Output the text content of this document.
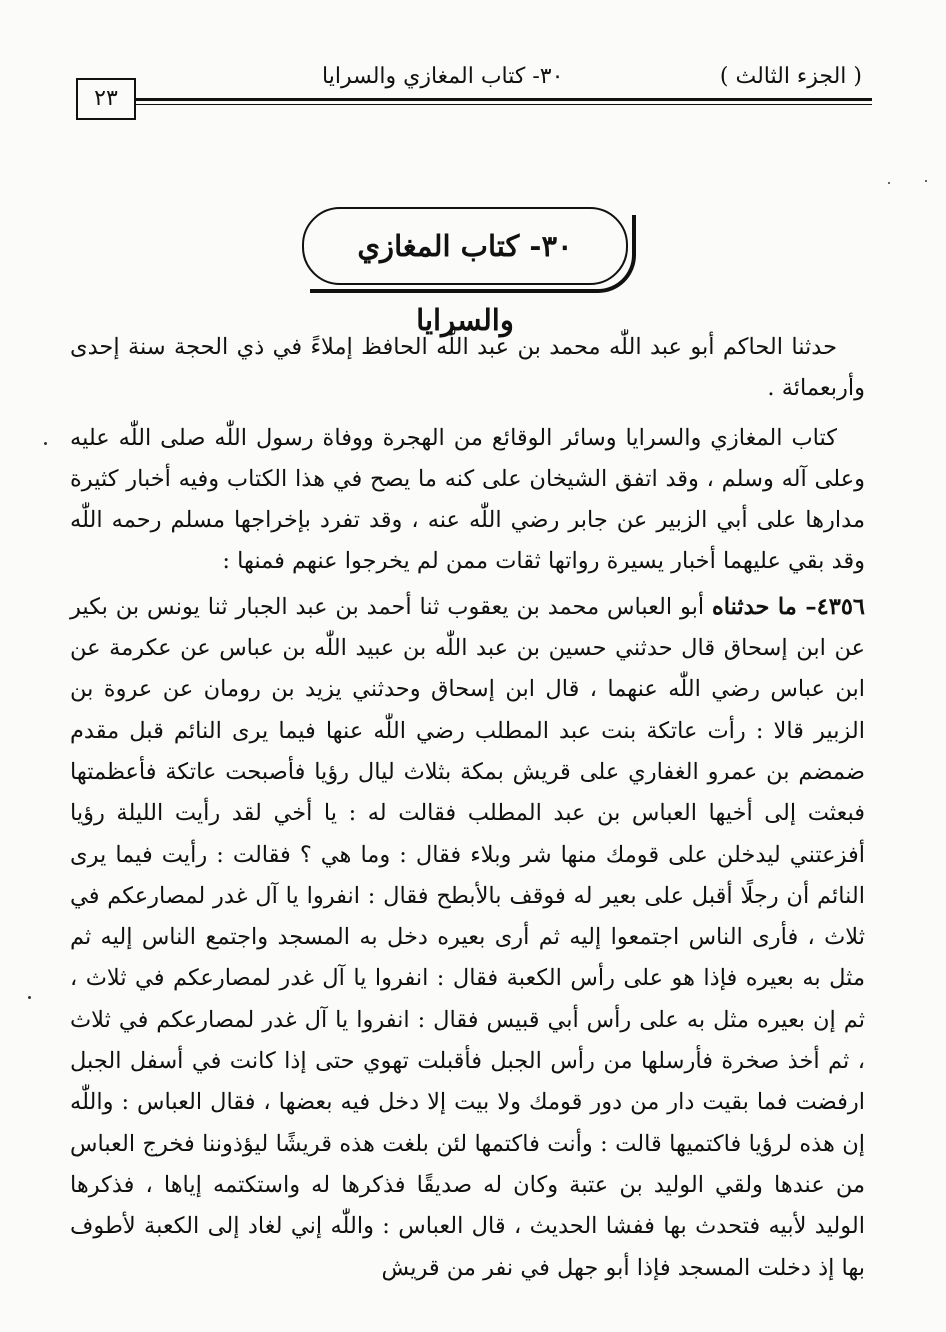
٢٣
٣٠- كتاب المغازي والسرايا	( الجزء الثالث )
٣٠- كتاب المغازي والسرايا

حدثنا الحاكم أبو عبد اللّٰه محمد بن عبد اللّٰه الحافظ إملاءً في ذي الحجة سنة إحدى وأربعمائة .

كتاب المغازي والسرايا وسائر الوقائع من الهجرة ووفاة رسول اللّٰه صلى اللّٰه عليه وعلى آله وسلم ، وقد اتفق الشيخان على كنه ما يصح في هذا الكتاب وفيه أخبار كثيرة مدارها على أبي الزبير عن جابر رضي اللّٰه عنه ، وقد تفرد بإخراجها مسلم رحمه اللّٰه وقد بقي عليهما أخبار يسيرة رواتها ثقات ممن لم يخرجوا عنهم فمنها :

٤٣٥٦– ما حدثناه أبو العباس محمد بن يعقوب ثنا أحمد بن عبد الجبار ثنا يونس بن بكير عن ابن إسحاق قال حدثني حسين بن عبد اللّٰه بن عبيد اللّٰه بن عباس عن عكرمة عن ابن عباس رضي اللّٰه عنهما ، قال ابن إسحاق وحدثني يزيد بن رومان عن عروة بن الزبير قالا : رأت عاتكة بنت عبد المطلب رضي اللّٰه عنها فيما يرى النائم قبل مقدم ضمضم بن عمرو الغفاري على قريش بمكة بثلاث ليال رؤيا فأصبحت عاتكة فأعظمتها فبعثت إلى أخيها العباس بن عبد المطلب فقالت له : يا أخي لقد رأيت الليلة رؤيا أفزعتني ليدخلن على قومك منها شر وبلاء فقال : وما هي ؟ فقالت : رأيت فيما يرى النائم أن رجلًا أقبل على بعير له فوقف بالأبطح فقال : انفروا يا آل غدر لمصارعكم في ثلاث ، فأرى الناس اجتمعوا إليه ثم أرى بعيره دخل به المسجد واجتمع الناس إليه ثم مثل به بعيره فإذا هو على رأس الكعبة فقال : انفروا يا آل غدر لمصارعكم في ثلاث ، ثم إن بعيره مثل به على رأس أبي قبيس فقال : انفروا يا آل غدر لمصارعكم في ثلاث ، ثم أخذ صخرة فأرسلها من رأس الجبل فأقبلت تهوي حتى إذا كانت في أسفل الجبل ارفضت فما بقيت دار من دور قومك ولا بيت إلا دخل فيه بعضها ، فقال العباس : واللّٰه إن هذه لرؤيا فاكتميها قالت : وأنت فاكتمها لئن بلغت هذه قريشًا ليؤذوننا فخرج العباس من عندها ولقي الوليد بن عتبة وكان له صديقًا فذكرها له واستكتمه إياها ، فذكرها الوليد لأبيه فتحدث بها ففشا الحديث ، قال العباس : واللّٰه إني لغاد إلى الكعبة لأطوف بها إذ دخلت المسجد فإذا أبو جهل في نفر من قريش
